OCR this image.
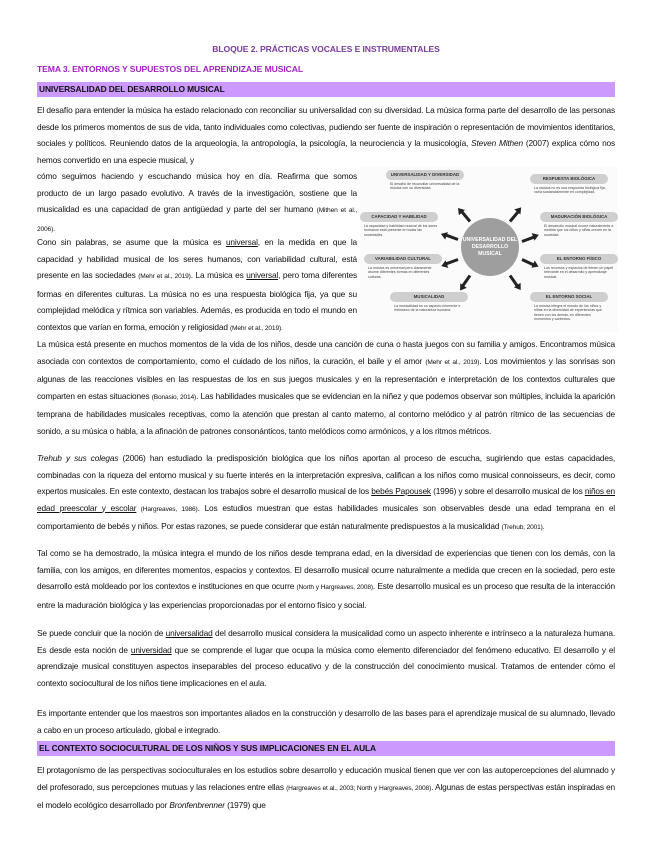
BLOQUE 2. PRÁCTICAS VOCALES E INSTRUMENTALES
TEMA 3. ENTORNOS Y SUPUESTOS DEL APRENDIZAJE MUSICAL
UNIVERSALIDAD DEL DESARROLLO MUSICAL

El desafío para entender la música ha estado relacionado con reconciliar su universalidad con su diversidad. La música forma parte del desarrollo de las personas desde los primeros momentos de sus de vida, tanto individuales como colectivas, pudiendo ser fuente de inspiración o representación de movimientos identitarios, sociales y políticos. Reuniendo datos de la arqueología, la antropología, la psicología, la neurociencia y la musicología, Steven Mithen (2007) explica cómo nos hemos convertido en una especie musical, y

cómo seguimos haciendo y escuchando música hoy en día. Reafirma que somos producto de un largo pasado evolutivo. A través de la investigación, sostiene que la musicalidad es una capacidad de gran antigüedad y parte del ser humano (Mithen et al., 2006).

Cono sin palabras, se asume que la música es universal, en la medida en que la capacidad y habilidad musical de los seres humanos, con variabilidad cultural, está presente en las sociedades (Mehr et al., 2019). La música es universal, pero toma diferentes formas en diferentes culturas. La música no es una respuesta biológica fija, ya que su complejidad melódica y rítmica son variables. Además, es producida en todo el mundo en contextos que varían en forma, emoción y religiosidad (Mehr et al., 2019).

UNIVERSALIDAD DEL DESARROLLO MUSICAL
UNIVERSALIDAD Y DIVERSIDAD
El desafío de reconciliar universalidad de la música con su diversidad.
RESPUESTA BIOLÓGICA
La música no es una respuesta biológica fija, varía sustancialmente en complejidad.
CAPACIDAD Y HABILIDAD
La capacidad y habilidad musical de los seres humanos está presente en todas las sociedades.
MADURACIÓN BIOLÓGICA
El desarrollo musical ocurre naturalmente a medida que los niños y niñas crecen en la sociedad.
VARIABILIDAD CULTURAL
La música es universal pero claramente asume diferentes formas en diferentes culturas.
EL ENTORNO FÍSICO
Los recursos y espacios de tienen un papel relevante en el desarrollo y aprendizaje musical.
MUSICALIDAD
La musicalidad es un aspecto inherente e intrínseco de la naturaleza humana.
EL ENTORNO SOCIAL
La música integra el mundo de los niños y niñas en la diversidad de experiencias que tienen con los demás, en diferentes momentos y contextos.

La música está presente en muchos momentos de la vida de los niños, desde una canción de cuna o hasta juegos con su familia y amigos. Encontramos música asociada con contextos de comportamiento, como el cuidado de los niños, la curación, el baile y el amor (Mehr et al., 2019). Los movimientos y las sonrisas son algunas de las reacciones visibles en las respuestas de los en sus juegos musicales y en la representación e interpretación de los contextos culturales que comparten en estas situaciones (Bonasio, 2014). Las habilidades musicales que se evidencian en la niñez y que podemos observar son múltiples, incluida la aparición temprana de habilidades musicales receptivas, como la atención que prestan al canto materno, al contorno melódico y al patrón rítmico de las secuencias de sonido, a su música o habla, a la afinación de patrones consonánticos, tanto melódicos como armónicos, y a los ritmos métricos.

Trehub y sus colegas (2006) han estudiado la predisposición biológica que los niños aportan al proceso de escucha, sugiriendo que estas capacidades, combinadas con la riqueza del entorno musical y su fuerte interés en la interpretación expresiva, califican a los niños como musical connoisseurs, es decir, como expertos musicales. En este contexto, destacan los trabajos sobre el desarrollo musical de los bebés Papousek (1996) y sobre el desarrollo musical de los niños en edad preescolar y escolar (Hargreaves, 1986). Los estudios muestran que estas habilidades musicales son observables desde una edad temprana en el comportamiento de bebés y niños. Por estas razones, se puede considerar que están naturalmente predispuestos a la musicalidad (Trehub, 2001).

Tal como se ha demostrado, la música integra el mundo de los niños desde temprana edad, en la diversidad de experiencias que tienen con los demás, con la familia, con los amigos, en diferentes momentos, espacios y contextos. El desarrollo musical ocurre naturalmente a medida que crecen en la sociedad, pero este desarrollo está moldeado por los contextos e instituciones en que ocurre (North y Hargreaves, 2008). Este desarrollo musical es un proceso que resulta de la interacción entre la maduración biológica y las experiencias proporcionadas por el entorno físico y social.

Se puede concluir que la noción de universalidad del desarrollo musical considera la musicalidad como un aspecto inherente e intrínseco a la naturaleza humana. Es desde esta noción de universidad que se comprende el lugar que ocupa la música como elemento diferenciador del fenómeno educativo. El desarrollo y el aprendizaje musical constituyen aspectos inseparables del proceso educativo y de la construcción del conocimiento musical. Tratamos de entender cómo el contexto sociocultural de los niños tiene implicaciones en el aula.

Es importante entender que los maestros son importantes aliados en la construcción y desarrollo de las bases para el aprendizaje musical de su alumnado, llevado a cabo en un proceso articulado, global e integrado.

EL CONTEXTO SOCIOCULTURAL DE LOS NIÑOS Y SUS IMPLICACIONES EN EL AULA

El protagonismo de las perspectivas socioculturales en los estudios sobre desarrollo y educación musical tienen que ver con las autopercepciones del alumnado y del profesorado, sus percepciones mutuas y las relaciones entre ellas (Hargreaves et al., 2003; North y Hargreaves, 2008). Algunas de estas perspectivas están inspiradas en el modelo ecológico desarrollado por Bronfenbrenner (1979) que
